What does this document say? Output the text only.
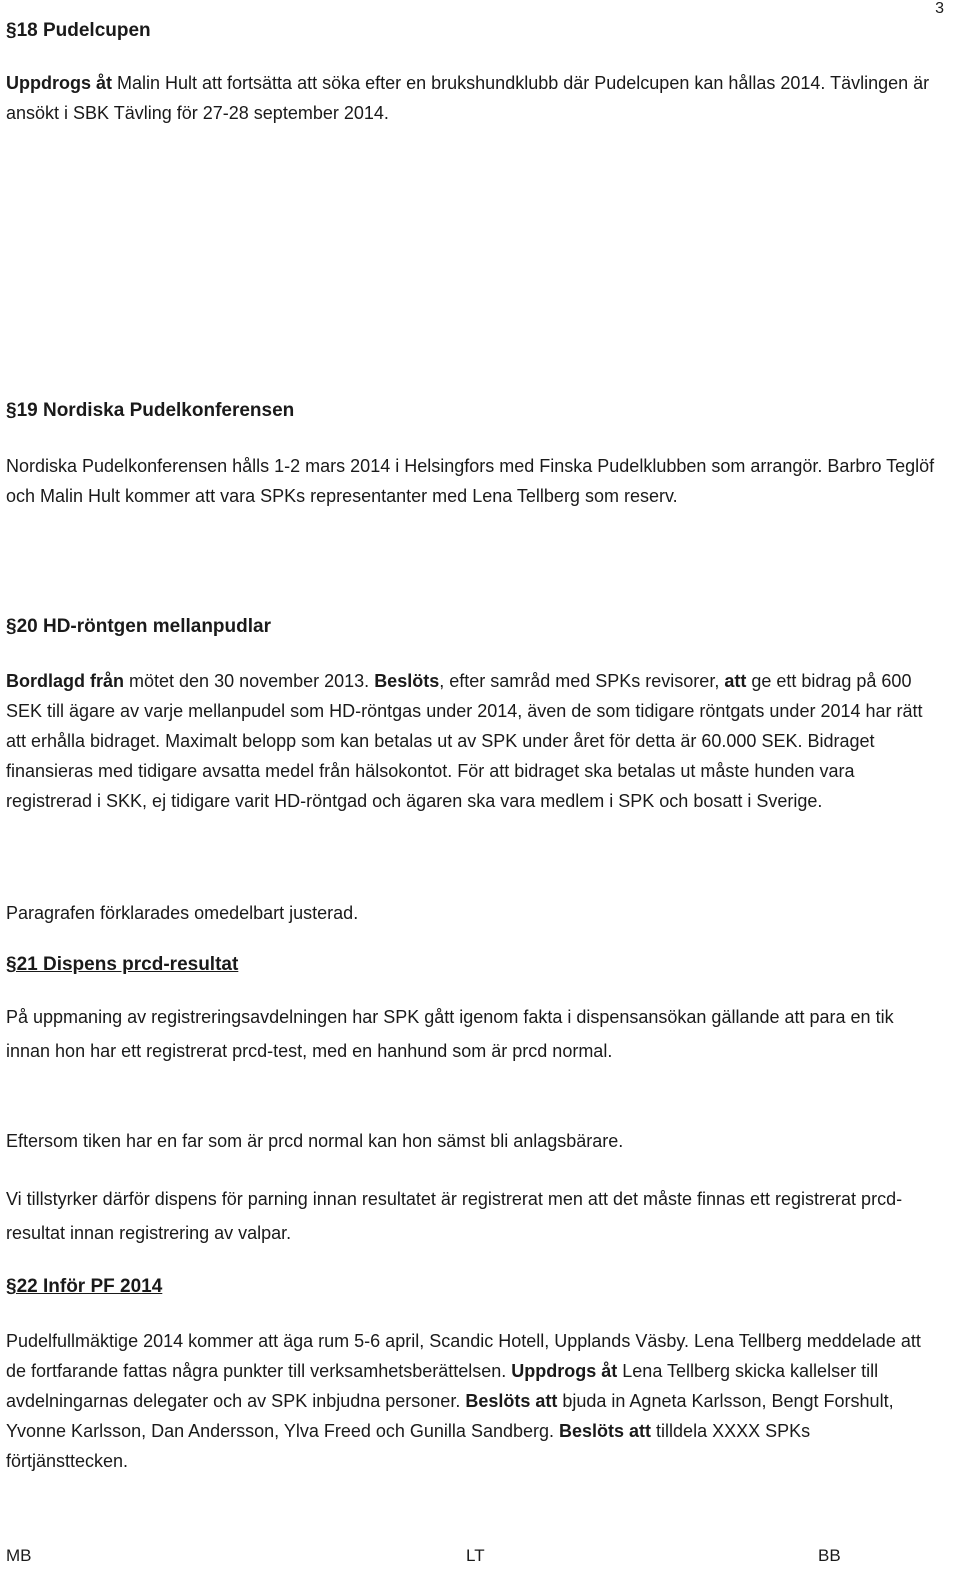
3
§18 Pudelcupen
Uppdrogs åt Malin Hult att fortsätta att söka efter en brukshundklubb där Pudelcupen kan hållas 2014. Tävlingen är ansökt i SBK Tävling för 27-28 september 2014.
§19 Nordiska Pudelkonferensen
Nordiska Pudelkonferensen hålls 1-2 mars 2014 i Helsingfors med Finska Pudelklubben som arrangör. Barbro Teglöf och Malin Hult kommer att vara SPKs representanter med Lena Tellberg som reserv.
§20 HD-röntgen mellanpudlar
Bordlagd från mötet den 30 november 2013. Beslöts, efter samråd med SPKs revisorer, att ge ett bidrag på 600 SEK till ägare av varje mellanpudel som HD-röntgas under 2014, även de som tidigare röntgats under 2014 har rätt att erhålla bidraget. Maximalt belopp som kan betalas ut av SPK under året för detta är 60.000 SEK. Bidraget finansieras med tidigare avsatta medel från hälsokontot. För att bidraget ska betalas ut måste hunden vara registrerad i SKK, ej tidigare varit HD-röntgad och ägaren ska vara medlem i SPK och bosatt i Sverige.
Paragrafen förklarades omedelbart justerad.
§21 Dispens prcd-resultat
På uppmaning av registreringsavdelningen har SPK gått igenom fakta i dispensansökan gällande att para en tik innan hon har ett registrerat prcd-test, med en hanhund som är prcd normal.
Eftersom tiken har en far som är prcd normal kan hon sämst bli anlagsbärare.
Vi tillstyrker därför dispens för parning innan resultatet är registrerat men att det måste finnas ett registrerat prcd-resultat innan registrering av valpar.
§22 Inför PF 2014
Pudelfullmäktige 2014 kommer att äga rum 5-6 april, Scandic Hotell, Upplands Väsby. Lena Tellberg meddelade att de fortfarande fattas några punkter till verksamhetsberättelsen. Uppdrogs åt Lena Tellberg skicka kallelser till avdelningarnas delegater och av SPK inbjudna personer. Beslöts att bjuda in Agneta Karlsson, Bengt Forshult, Yvonne Karlsson, Dan Andersson, Ylva Freed och Gunilla Sandberg. Beslöts att tilldela XXXX SPKs förtjänsttecken.
MB	LT	BB
